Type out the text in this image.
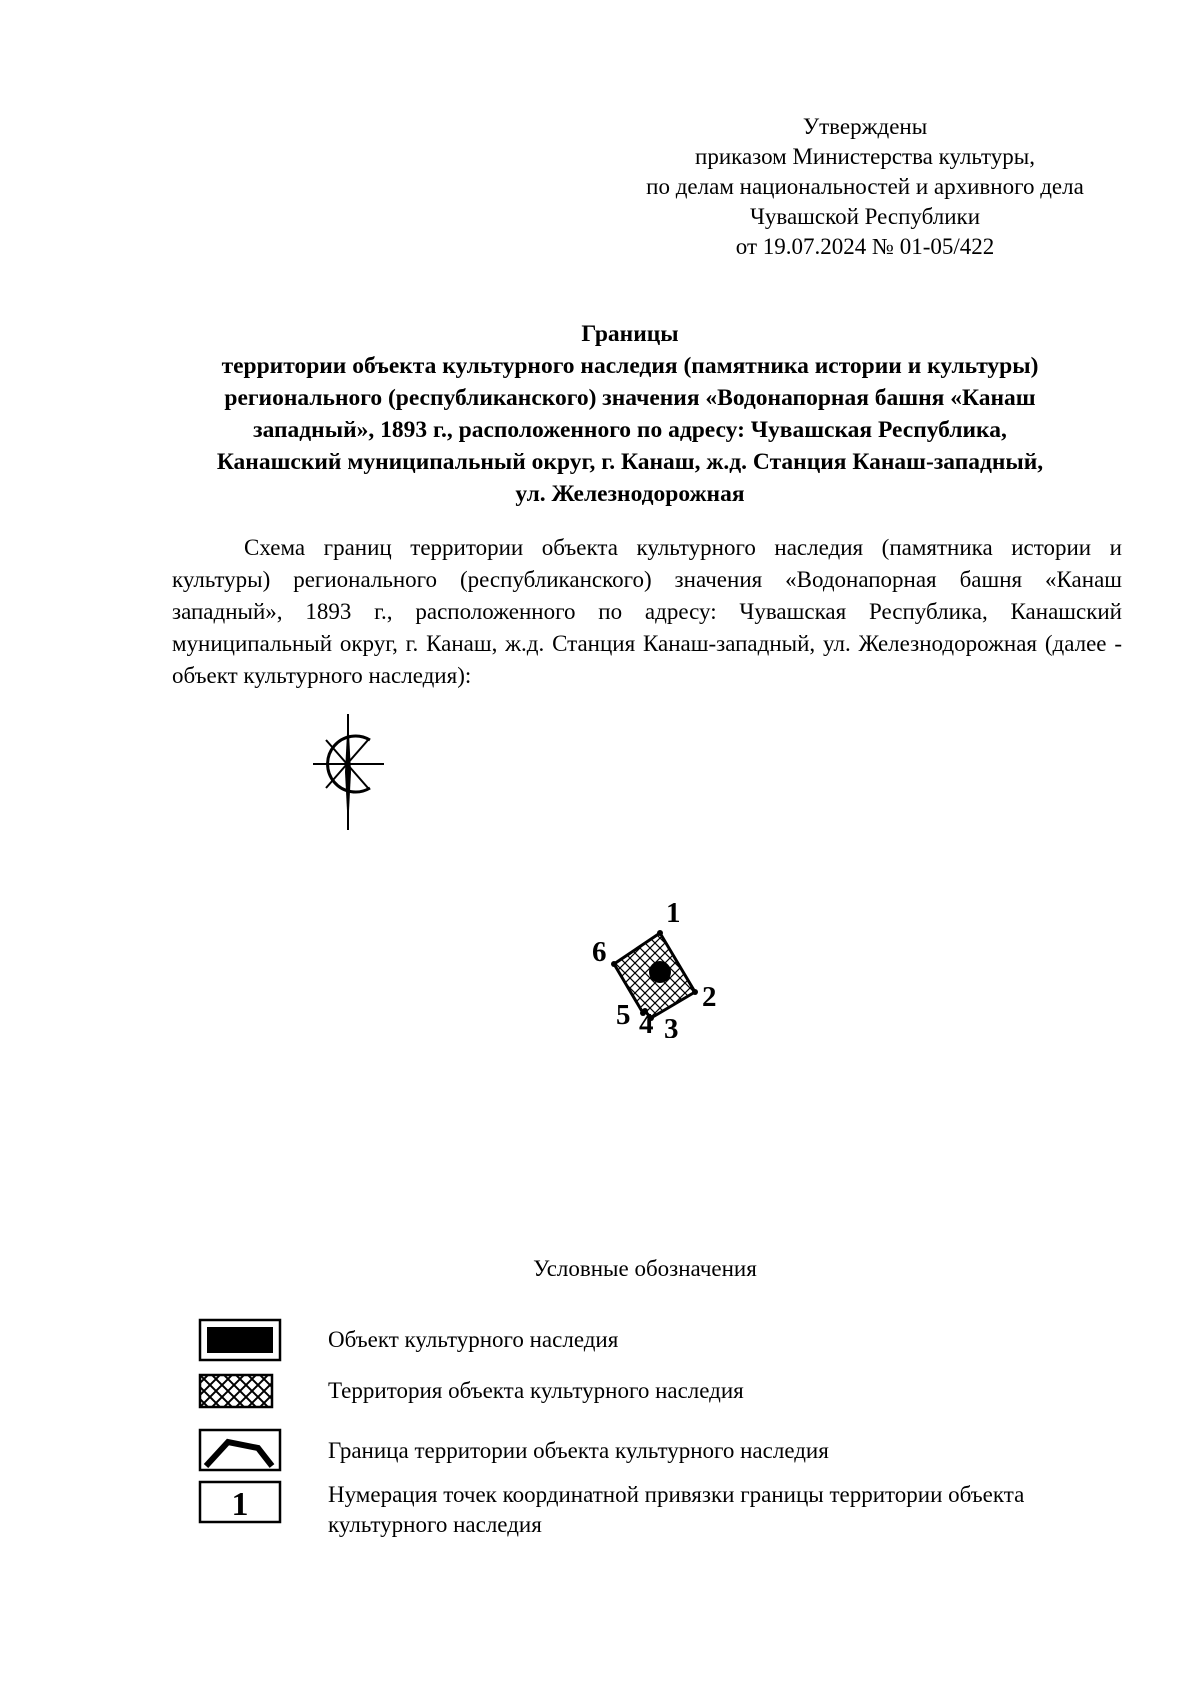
Утверждены
приказом Министерства культуры,
по делам национальностей и архивного дела
Чувашской Республики
от 19.07.2024 № 01-05/422
Границы
территории объекта культурного наследия (памятника истории и культуры)
регионального (республиканского) значения «Водонапорная башня «Канаш
западный», 1893 г., расположенного по адресу: Чувашская Республика,
Канашский муниципальный округ, г. Канаш, ж.д. Станция Канаш-западный,
ул. Железнодорожная
Схема границ территории объекта культурного наследия (памятника истории и культуры) регионального (республиканского) значения «Водонапорная башня «Канаш западный», 1893 г., расположенного по адресу: Чувашская Республика, Канашский муниципальный округ, г. Канаш, ж.д. Станция Канаш-западный, ул. Железнодорожная (далее - объект культурного наследия):
1
2
3
4
5
6
Условные обозначения
Объект культурного наследия
Территория объекта культурного наследия
Граница территории объекта культурного наследия
1	Нумерация точек координатной привязки границы территории объекта культурного наследия
